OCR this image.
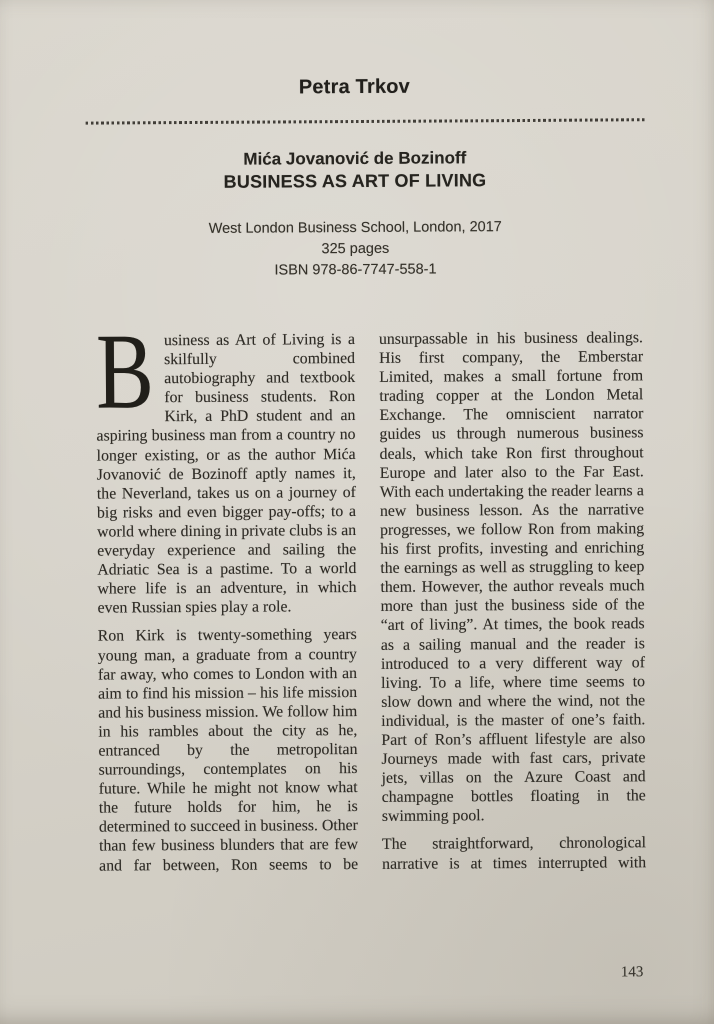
Petra Trkov
Mića Jovanović de Bozinoff
BUSINESS AS ART OF LIVING
West London Business School, London, 2017
325 pages
ISBN 978-86-7747-558-1

Business as Art of Living is a skilfully combined autobiography and textbook for business students. Ron Kirk, a PhD student and an aspiring business man from a country no longer existing, or as the author Mića Jovanović de Bozinoff aptly names it, the Neverland, takes us on a journey of big risks and even bigger pay-offs; to a world where dining in private clubs is an everyday experience and sailing the Adriatic Sea is a pastime. To a world where life is an adventure, in which even Russian spies play a role.

Ron Kirk is twenty-something years young man, a graduate from a country far away, who comes to London with an aim to find his mission – his life mission and his business mission. We follow him in his rambles about the city as he, entranced by the metropolitan surroundings, contemplates on his future. While he might not know what the future holds for him, he is determined to succeed in business. Other than few business blunders that are few and far between, Ron seems to be

unsurpassable in his business dealings. His first company, the Emberstar Limited, makes a small fortune from trading copper at the London Metal Exchange. The omniscient narrator guides us through numerous business deals, which take Ron first throughout Europe and later also to the Far East. With each undertaking the reader learns a new business lesson. As the narrative progresses, we follow Ron from making his first profits, investing and enriching the earnings as well as struggling to keep them. However, the author reveals much more than just the business side of the “art of living”. At times, the book reads as a sailing manual and the reader is introduced to a very different way of living. To a life, where time seems to slow down and where the wind, not the individual, is the master of one’s faith. Part of Ron’s affluent lifestyle are also Journeys made with fast cars, private jets, villas on the Azure Coast and champagne bottles floating in the swimming pool.

The straightforward, chronological narrative is at times interrupted with

143
